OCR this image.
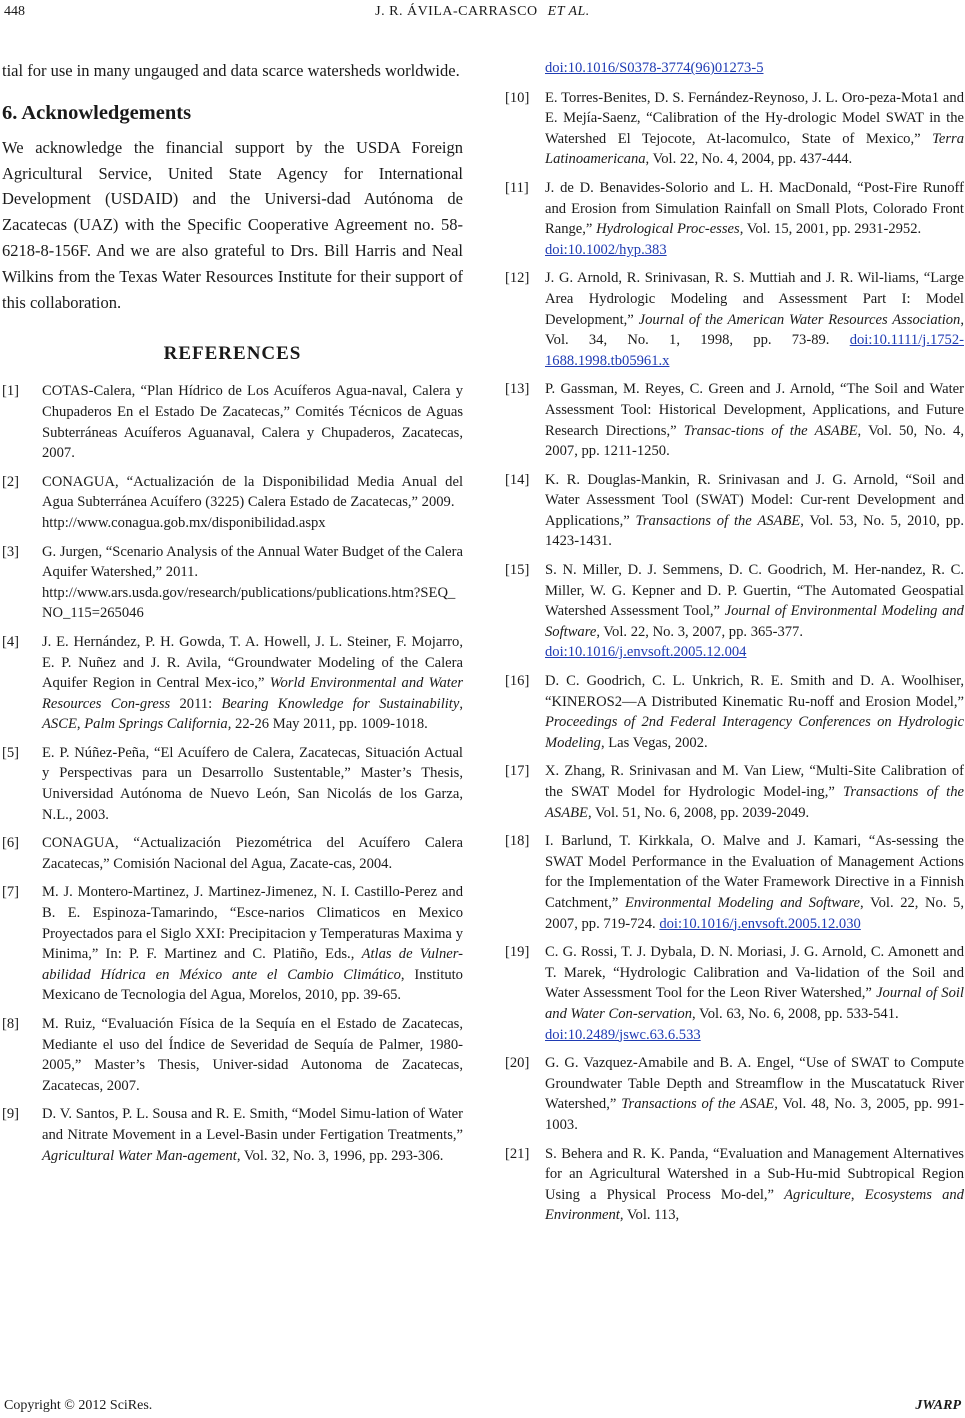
448	J. R. ÁVILA-CARRASCO ET AL.

tial for use in many ungauged and data scarce watersheds worldwide.

6. Acknowledgements

We acknowledge the financial support by the USDA Foreign Agricultural Service, United State Agency for International Development (USDAID) and the Universi-dad Autónoma de Zacatecas (UAZ) with the Specific Cooperative Agreement no. 58-6218-8-156F. And we are also grateful to Drs. Bill Harris and Neal Wilkins from the Texas Water Resources Institute for their support of this collaboration.

REFERENCES
[1]	COTAS-Calera, “Plan Hídrico de Los Acuíferos Agua-naval, Calera y Chupaderos En el Estado De Zacatecas,” Comités Técnicos de Aguas Subterráneas Acuíferos Aguanaval, Calera y Chupaderos, Zacatecas, 2007.
[2]	CONAGUA, “Actualización de la Disponibilidad Media Anual del Agua Subterránea Acuífero (3225) Calera Estado de Zacatecas,” 2009.
http://www.conagua.gob.mx/disponibilidad.aspx
[3]	G. Jurgen, “Scenario Analysis of the Annual Water Budget of the Calera Aquifer Watershed,” 2011.
http://www.ars.usda.gov/research/publications/publications.htm?SEQ_NO_115=265046
[4]	J. E. Hernández, P. H. Gowda, T. A. Howell, J. L. Steiner, F. Mojarro, E. P. Nuñez and J. R. Avila, “Groundwater Modeling of the Calera Aquifer Region in Central Mex-ico,” World Environmental and Water Resources Con-gress 2011: Bearing Knowledge for Sustainability, ASCE, Palm Springs California, 22-26 May 2011, pp. 1009-1018.
[5]	E. P. Núñez-Peña, “El Acuífero de Calera, Zacatecas, Situación Actual y Perspectivas para un Desarrollo Sustentable,” Master’s Thesis, Universidad Autónoma de Nuevo León, San Nicolás de los Garza, N.L., 2003.
[6]	CONAGUA, “Actualización Piezométrica del Acuífero Calera Zacatecas,” Comisión Nacional del Agua, Zacate-cas, 2004.
[7]	M. J. Montero-Martinez, J. Martinez-Jimenez, N. I. Castillo-Perez and B. E. Espinoza-Tamarindo, “Esce-narios Climaticos en Mexico Proyectados para el Siglo XXI: Precipitacion y Temperaturas Maxima y Minima,” In: P. F. Martinez and C. Platiño, Eds., Atlas de Vulner-abilidad Hídrica en México ante el Cambio Climático, Instituto Mexicano de Tecnologia del Agua, Morelos, 2010, pp. 39-65.
[8]	M. Ruiz, “Evaluación Física de la Sequía en el Estado de Zacatecas, Mediante el uso del Índice de Severidad de Sequía de Palmer, 1980-2005,” Master’s Thesis, Univer-sidad Autonoma de Zacatecas, Zacatecas, 2007.
[9]	D. V. Santos, P. L. Sousa and R. E. Smith, “Model Simu-lation of Water and Nitrate Movement in a Level-Basin under Fertigation Treatments,” Agricultural Water Man-agement, Vol. 32, No. 3, 1996, pp. 293-306.
doi:10.1016/S0378-3774(96)01273-5
[10]	E. Torres-Benites, D. S. Fernández-Reynoso, J. L. Oro-peza-Mota1 and E. Mejía-Saenz, “Calibration of the Hy-drologic Model SWAT in the Watershed El Tejocote, At-lacomulco, State of Mexico,” Terra Latinoamericana, Vol. 22, No. 4, 2004, pp. 437-444.
[11]	J. de D. Benavides-Solorio and L. H. MacDonald, “Post-Fire Runoff and Erosion from Simulation Rainfall on Small Plots, Colorado Front Range,” Hydrological Proc-esses, Vol. 15, 2001, pp. 2931-2952.
doi:10.1002/hyp.383
[12]	J. G. Arnold, R. Srinivasan, R. S. Muttiah and J. R. Wil-liams, “Large Area Hydrologic Modeling and Assessment Part I: Model Development,” Journal of the American Water Resources Association, Vol. 34, No. 1, 1998, pp. 73-89. doi:10.1111/j.1752-1688.1998.tb05961.x
[13]	P. Gassman, M. Reyes, C. Green and J. Arnold, “The Soil and Water Assessment Tool: Historical Development, Applications, and Future Research Directions,” Transac-tions of the ASABE, Vol. 50, No. 4, 2007, pp. 1211-1250.
[14]	K. R. Douglas-Mankin, R. Srinivasan and J. G. Arnold, “Soil and Water Assessment Tool (SWAT) Model: Cur-rent Development and Applications,” Transactions of the ASABE, Vol. 53, No. 5, 2010, pp. 1423-1431.
[15]	S. N. Miller, D. J. Semmens, D. C. Goodrich, M. Her-nandez, R. C. Miller, W. G. Kepner and D. P. Guertin, “The Automated Geospatial Watershed Assessment Tool,” Journal of Environmental Modeling and Software, Vol. 22, No. 3, 2007, pp. 365-377.
doi:10.1016/j.envsoft.2005.12.004
[16]	D. C. Goodrich, C. L. Unkrich, R. E. Smith and D. A. Woolhiser, “KINEROS2—A Distributed Kinematic Ru-noff and Erosion Model,” Proceedings of 2nd Federal Interagency Conferences on Hydrologic Modeling, Las Vegas, 2002.
[17]	X. Zhang, R. Srinivasan and M. Van Liew, “Multi-Site Calibration of the SWAT Model for Hydrologic Model-ing,” Transactions of the ASABE, Vol. 51, No. 6, 2008, pp. 2039-2049.
[18]	I. Barlund, T. Kirkkala, O. Malve and J. Kamari, “As-sessing the SWAT Model Performance in the Evaluation of Management Actions for the Implementation of the Water Framework Directive in a Finnish Catchment,” Environmental Modeling and Software, Vol. 22, No. 5, 2007, pp. 719-724. doi:10.1016/j.envsoft.2005.12.030
[19]	C. G. Rossi, T. J. Dybala, D. N. Moriasi, J. G. Arnold, C. Amonett and T. Marek, “Hydrologic Calibration and Va-lidation of the Soil and Water Assessment Tool for the Leon River Watershed,” Journal of Soil and Water Con-servation, Vol. 63, No. 6, 2008, pp. 533-541.
doi:10.2489/jswc.63.6.533
[20]	G. G. Vazquez-Amabile and B. A. Engel, “Use of SWAT to Compute Groundwater Table Depth and Streamflow in the Muscatatuck River Watershed,” Transactions of the ASAE, Vol. 48, No. 3, 2005, pp. 991-1003.
[21]	S. Behera and R. K. Panda, “Evaluation and Management Alternatives for an Agricultural Watershed in a Sub-Hu-mid Subtropical Region Using a Physical Process Mo-del,” Agriculture, Ecosystems and Environment, Vol. 113,
Copyright © 2012 SciRes.	JWARP
